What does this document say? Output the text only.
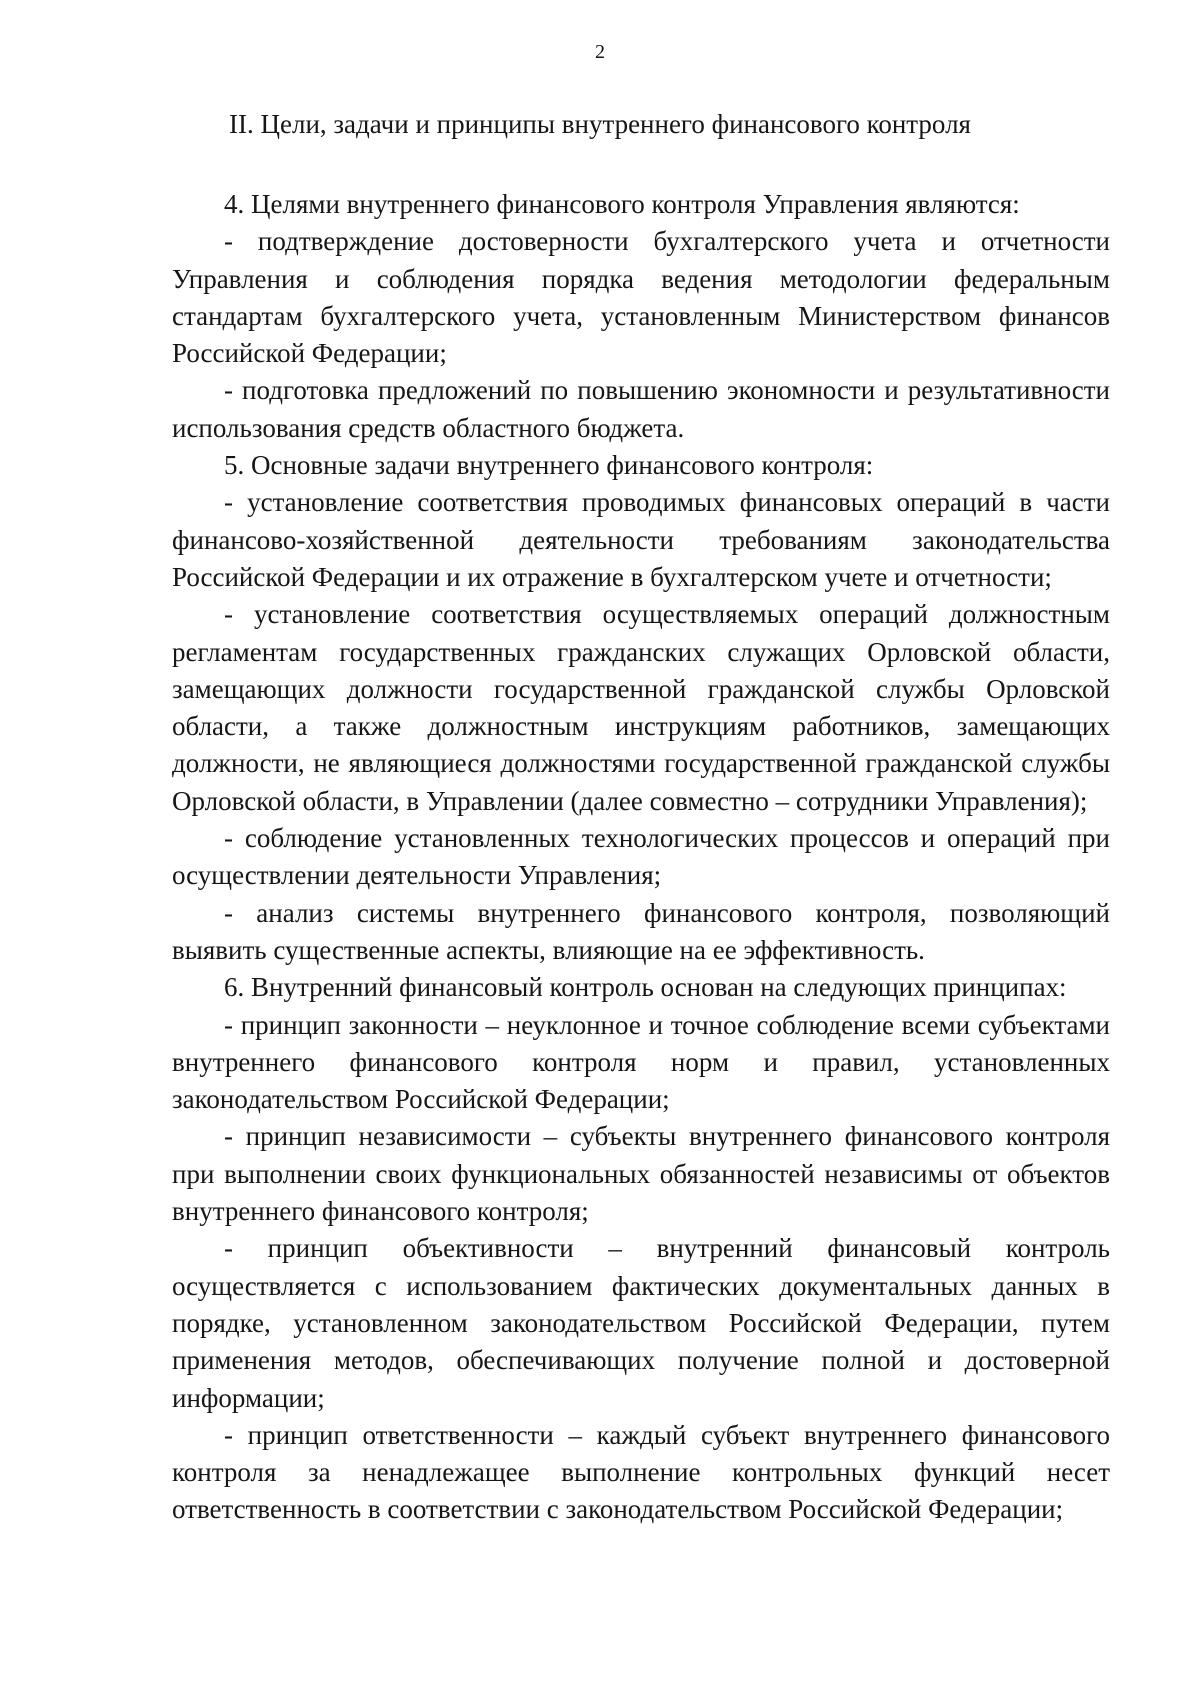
2
II. Цели, задачи и принципы внутреннего финансового контроля

4. Целями внутреннего финансового контроля Управления являются:

- подтверждение достоверности бухгалтерского учета и отчетности Управления и соблюдения порядка ведения методологии федеральным стандартам бухгалтерского учета, установленным Министерством финансов Российской Федерации;

- подготовка предложений по повышению экономности и результативности использования средств областного бюджета.

5. Основные задачи внутреннего финансового контроля:

- установление соответствия проводимых финансовых операций в части финансово-хозяйственной деятельности требованиям законодательства Российской Федерации и их отражение в бухгалтерском учете и отчетности;

- установление соответствия осуществляемых операций должностным регламентам государственных гражданских служащих Орловской области, замещающих должности государственной гражданской службы Орловской области, а также должностным инструкциям работников, замещающих должности, не являющиеся должностями государственной гражданской службы Орловской области, в Управлении (далее совместно – сотрудники Управления);

- соблюдение установленных технологических процессов и операций при осуществлении деятельности Управления;

- анализ системы внутреннего финансового контроля, позволяющий выявить существенные аспекты, влияющие на ее эффективность.

6. Внутренний финансовый контроль основан на следующих принципах:

- принцип законности – неуклонное и точное соблюдение всеми субъектами внутреннего финансового контроля норм и правил, установленных законодательством Российской Федерации;

- принцип независимости – субъекты внутреннего финансового контроля при выполнении своих функциональных обязанностей независимы от объектов внутреннего финансового контроля;

- принцип объективности – внутренний финансовый контроль осуществляется с использованием фактических документальных данных в порядке, установленном законодательством Российской Федерации, путем применения методов, обеспечивающих получение полной и достоверной информации;

- принцип ответственности – каждый субъект внутреннего финансового контроля за ненадлежащее выполнение контрольных функций несет ответственность в соответствии с законодательством Российской Федерации;
